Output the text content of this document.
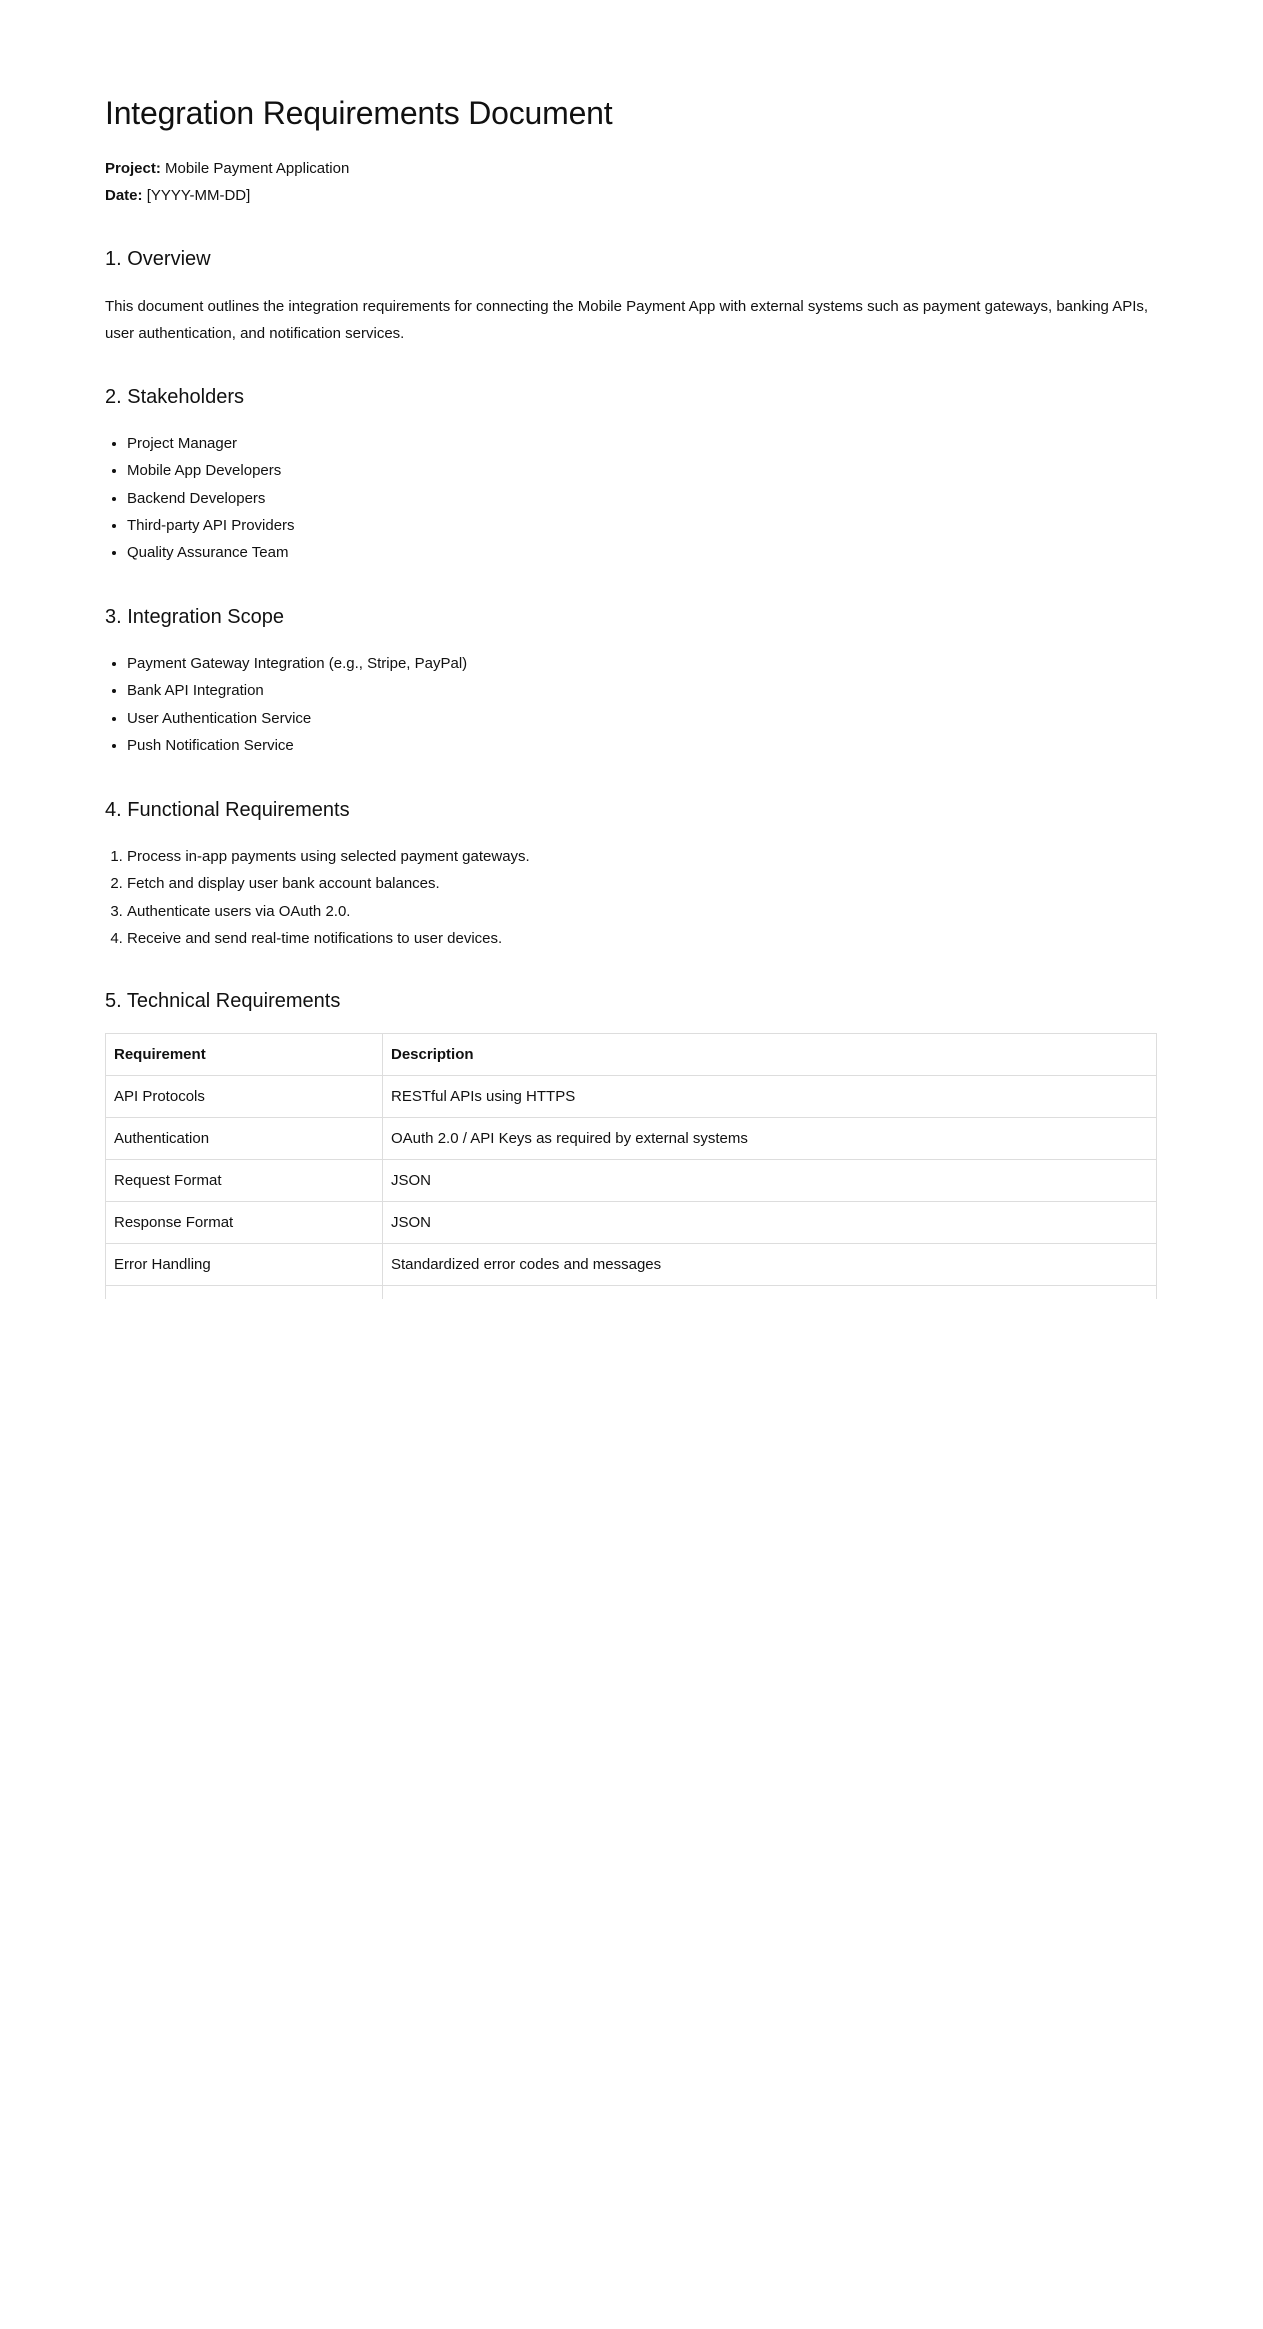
Integration Requirements Document
Project: Mobile Payment Application
Date: [YYYY-MM-DD]
1. Overview

This document outlines the integration requirements for connecting the Mobile Payment App with external systems such as payment gateways, banking APIs, user authentication, and notification services.

2. Stakeholders
• Project Manager
• Mobile App Developers
• Backend Developers
• Third-party API Providers
• Quality Assurance Team
3. Integration Scope
• Payment Gateway Integration (e.g., Stripe, PayPal)
• Bank API Integration
• User Authentication Service
• Push Notification Service
4. Functional Requirements
1. Process in-app payments using selected payment gateways.
2. Fetch and display user bank account balances.
3. Authenticate users via OAuth 2.0.
4. Receive and send real-time notifications to user devices.
5. Technical Requirements
Requirement	Description
API Protocols	RESTful APIs using HTTPS
Authentication	OAuth 2.0 / API Keys as required by external systems
Request Format	JSON
Response Format	JSON
Error Handling	Standardized error codes and messages
